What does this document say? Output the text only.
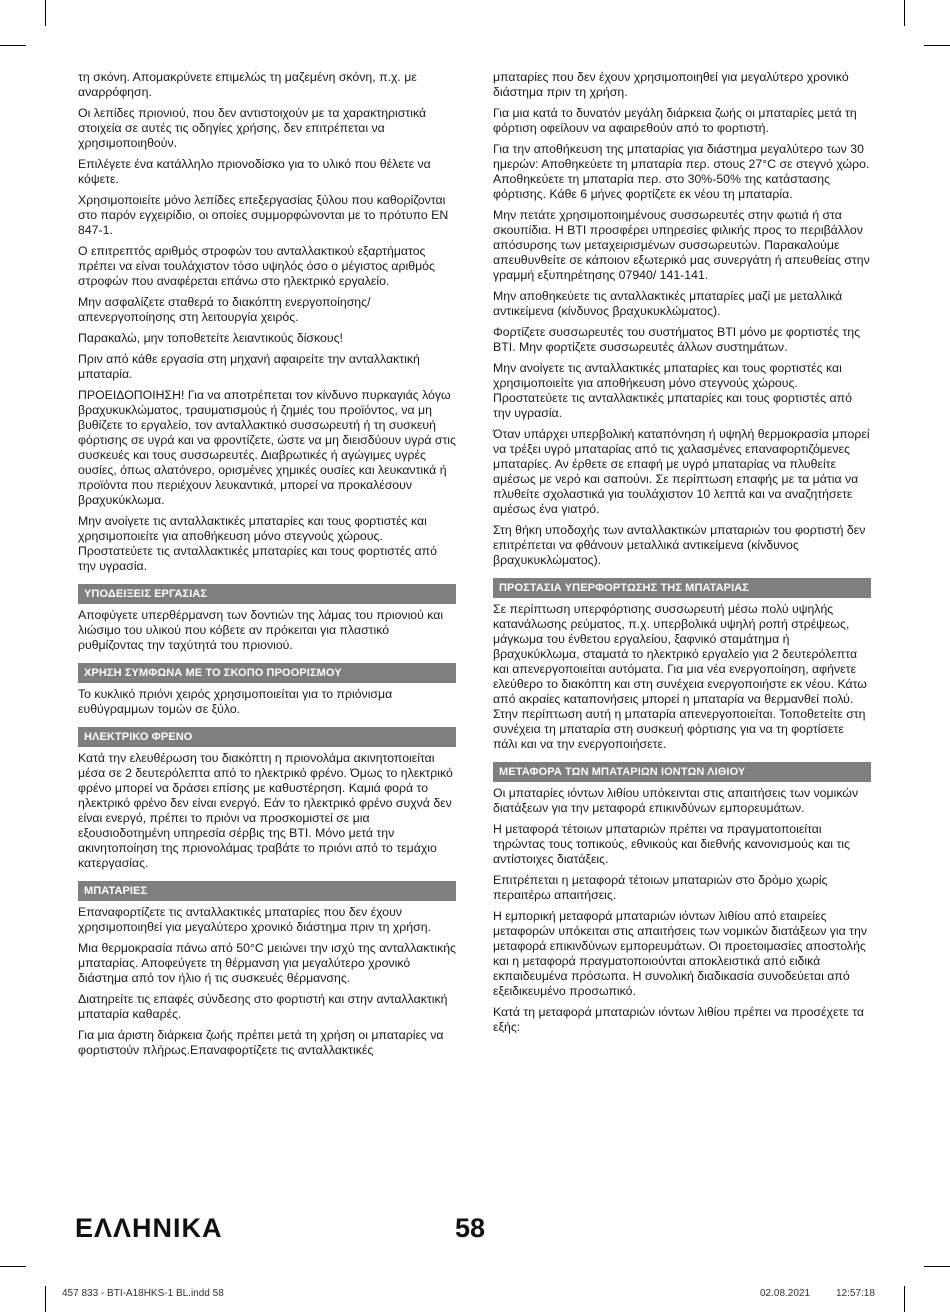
τη σκόνη. Απομακρύνετε επιμελώς τη μαζεμένη σκόνη, π.χ. με αναρρόφηση.

Οι λεπίδες πριονιού, που δεν αντιστοιχούν με τα χαρακτηριστικά στοιχεία σε αυτές τις οδηγίες χρήσης, δεν επιτρέπεται να χρησιμοποιηθούν.

Επιλέγετε ένα κατάλληλο πριονοδίσκο για το υλικό που θέλετε να κόψετε.

Χρησιμοποιείτε μόνο λεπίδες επεξεργασίας ξύλου που καθορίζονται στο παρόν εγχειρίδιο, οι οποίες συμμορφώνονται με το πρότυπο EN 847-1.

Ο επιτρεπτός αριθμός στροφών του ανταλλακτικού εξαρτήματος πρέπει να είναι τουλάχιστον τόσο υψηλός όσο ο μέγιστος αριθμός στροφών που αναφέρεται επάνω στο ηλεκτρικό εργαλείο.

Μην ασφαλίζετε σταθερά το διακόπτη ενεργοποίησης/ απενεργοποίησης στη λειτουργία χειρός.

Παρακαλώ, μην τοποθετείτε λειαντικούς δίσκους!

Πριν από κάθε εργασία στη μηχανή αφαιρείτε την ανταλλακτική μπαταρία.

ΠΡΟΕΙΔΟΠΟΙΗΣΗ! Για να αποτρέπεται τον κίνδυνο πυρκαγιάς λόγω βραχυκυκλώματος, τραυματισμούς ή ζημιές του προϊόντος, να μη βυθίζετε το εργαλείο, τον ανταλλακτικό συσσωρευτή ή τη συσκευή φόρτισης σε υγρά και να φροντίζετε, ώστε να μη διεισδύουν υγρά στις συσκευές και τους συσσωρευτές. Διαβρωτικές ή αγώγιμες υγρές ουσίες, όπως αλατόνερο, ορισμένες χημικές ουσίες και λευκαντικά ή προϊόντα που περιέχουν λευκαντικά, μπορεί να προκαλέσουν βραχυκύκλωμα.

Μην ανοίγετε τις ανταλλακτικές μπαταρίες και τους φορτιστές και χρησιμοποιείτε για αποθήκευση μόνο στεγνούς χώρους. Προστατεύετε τις ανταλλακτικές μπαταρίες και τους φορτιστές από την υγρασία.

ΥΠΟΔΕΙΞΕΙΣ ΕΡΓΑΣΙΑΣ

Αποφύγετε υπερθέρμανση των δοντιών της λάμας του πριονιού και λιώσιμο του υλικού που κόβετε αν πρόκειται για πλαστικό ρυθμίζοντας την ταχύτητά του πριονιού.

ΧΡΗΣΗ ΣΥΜΦΩΝΑ ΜΕ ΤΟ ΣΚΟΠΟ ΠΡΟΟΡΙΣΜΟΥ

Το κυκλικό πριόνι χειρός χρησιμοποιείται για το πριόνισμα ευθύγραμμων τομών σε ξύλο.

ΗΛΕΚΤΡΙΚΟ ΦΡΕΝΟ

Κατά την ελευθέρωση του διακόπτη η πριονολάμα ακινητοποιείται μέσα σε 2 δευτερόλεπτα από το ηλεκτρικό φρένο. Όμως το ηλεκτρικό φρένο μπορεί να δράσει επίσης με καθυστέρηση. Καμιά φορά το ηλεκτρικό φρένο δεν είναι ενεργό. Εάν το ηλεκτρικό φρένο συχνά δεν είναι ενεργό, πρέπει το πριόνι να προσκομιστεί σε μια εξουσιοδοτημένη υπηρεσία σέρβις της BTI. Μόνο μετά την ακινητοποίηση της πριονολάμας τραβάτε το πριόνι από το τεμάχιο κατεργασίας.

ΜΠΑΤΑΡΙΕΣ

Επαναφορτίζετε τις ανταλλακτικές μπαταρίες που δεν έχουν χρησιμοποιηθεί για μεγαλύτερο χρονικό διάστημα πριν τη χρήση.

Μια θερμοκρασία πάνω από 50°C μειώνει την ισχύ της ανταλλακτικής μπαταρίας. Αποφεύγετε τη θέρμανση για μεγαλύτερο χρονικό διάστημα από τον ήλιο ή τις συσκευές θέρμανσης.

Διατηρείτε τις επαφές σύνδεσης στο φορτιστή και στην ανταλλακτική μπαταρία καθαρές.

Για μια άριστη διάρκεια ζωής πρέπει μετά τη χρήση οι μπαταρίες να φορτιστούν πλήρως.Επαναφορτίζετε τις ανταλλακτικές

μπαταρίες που δεν έχουν χρησιμοποιηθεί για μεγαλύτερο χρονικό διάστημα πριν τη χρήση.

Για μια κατά το δυνατόν μεγάλη διάρκεια ζωής οι μπαταρίες μετά τη φόρτιση οφείλουν να αφαιρεθούν από το φορτιστή.

Για την αποθήκευση της μπαταρίας για διάστημα μεγαλύτερο των 30 ημερών: Αποθηκεύετε τη μπαταρία περ. στους 27°C σε στεγνό χώρο. Αποθηκεύετε τη μπαταρία περ. στο 30%-50% της κατάστασης φόρτισης. Κάθε 6 μήνες φορτίζετε εκ νέου τη μπαταρία.

Μην πετάτε χρησιμοποιημένους συσσωρευτές στην φωτιά ή στα σκουπίδια. Η BTI προσφέρει υπηρεσίες φιλικής προς το περιβάλλον απόσυρσης των μεταχειρισμένων συσσωρευτών. Παρακαλούμε απευθυνθείτε σε κάποιον εξωτερικό μας συνεργάτη ή απευθείας στην γραμμή εξυπηρέτησης 07940/ 141-141.

Μην αποθηκεύετε τις ανταλλακτικές μπαταρίες μαζί με μεταλλικά αντικείμενα (κίνδυνος βραχυκυκλώματος).

Φορτίζετε συσσωρευτές του συστήματος BTI μόνο με φορτιστές της BTI. Μην φορτίζετε συσσωρευτές άλλων συστημάτων.

Μην ανοίγετε τις ανταλλακτικές μπαταρίες και τους φορτιστές και χρησιμοποιείτε για αποθήκευση μόνο στεγνούς χώρους. Προστατεύετε τις ανταλλακτικές μπαταρίες και τους φορτιστές από την υγρασία.

Όταν υπάρχει υπερβολική καταπόνηση ή υψηλή θερμοκρασία μπορεί να τρέξει υγρό μπαταρίας από τις χαλασμένες επαναφορτιζόμενες μπαταρίες. Αν έρθετε σε επαφή με υγρό μπαταρίας να πλυθείτε αμέσως με νερό και σαπούνι. Σε περίπτωση επαφής με τα μάτια να πλυθείτε σχολαστικά για τουλάχιστον 10 λεπτά και να αναζητήσετε αμέσως ένα γιατρό.

Στη θήκη υποδοχής των ανταλλακτικών μπαταριών του φορτιστή δεν επιτρέπεται να φθάνουν μεταλλικά αντικείμενα (κίνδυνος βραχυκυκλώματος).

ΠΡΟΣΤΑΣΙΑ ΥΠΕΡΦΟΡΤΩΣΗΣ ΤΗΣ ΜΠΑΤΑΡΙΑΣ

Σε περίπτωση υπερφόρτισης συσσωρευτή μέσω πολύ υψηλής κατανάλωσης ρεύματος, π.χ. υπερβολικά υψηλή ροπή στρέψεως, μάγκωμα του ένθετου εργαλείου, ξαφνικό σταμάτημα ή βραχυκύκλωμα, σταματά το ηλεκτρικό εργαλείο για 2 δευτερόλεπτα και απενεργοποιείται αυτόματα. Για μια νέα ενεργοποίηση, αφήνετε ελεύθερο το διακόπτη και στη συνέχεια ενεργοποιήστε εκ νέου. Κάτω από ακραίες καταπονήσεις μπορεί η μπαταρία να θερμανθεί πολύ. Στην περίπτωση αυτή η μπαταρία απενεργοποιείται. Τοποθετείτε στη συνέχεια τη μπαταρία στη συσκευή φόρτισης για να τη φορτίσετε πάλι και να την ενεργοποιήσετε.

ΜΕΤΑΦΟΡΑ ΤΩΝ ΜΠΑΤΑΡΙΩΝ ΙΟΝΤΩΝ ΛΙΘΙΟΥ

Οι μπαταρίες ιόντων λιθίου υπόκεινται στις απαιτήσεις των νομικών διατάξεων για την μεταφορά επικινδύνων εμπορευμάτων.

Η μεταφορά τέτοιων μπαταριών πρέπει να πραγματοποιείται τηρώντας τους τοπικούς, εθνικούς και διεθνής κανονισμούς και τις αντίστοιχες διατάξεις.

Επιτρέπεται η μεταφορά τέτοιων μπαταριών στο δρόμο χωρίς περαιτέρω απαιτήσεις.

Η εμπορική μεταφορά μπαταριών ιόντων λιθίου από εταιρείες μεταφορών υπόκειται στις απαιτήσεις των νομικών διατάξεων για την μεταφορά επικινδύνων εμπορευμάτων. Οι προετοιμασίες αποστολής και η μεταφορά πραγματοποιούνται αποκλειστικά από ειδικά εκπαιδευμένα πρόσωπα. Η συνολική διαδικασία συνοδεύεται από εξειδικευμένο προσωπικό.

Κατά τη μεταφορά μπαταριών ιόντων λιθίου πρέπει να προσέχετε τα εξής:

ΕΛΛΗΝΙΚΑ	58
457 833 - BTI-A18HKS-1 BL.indd 58	02.08.2021	12:57:18
